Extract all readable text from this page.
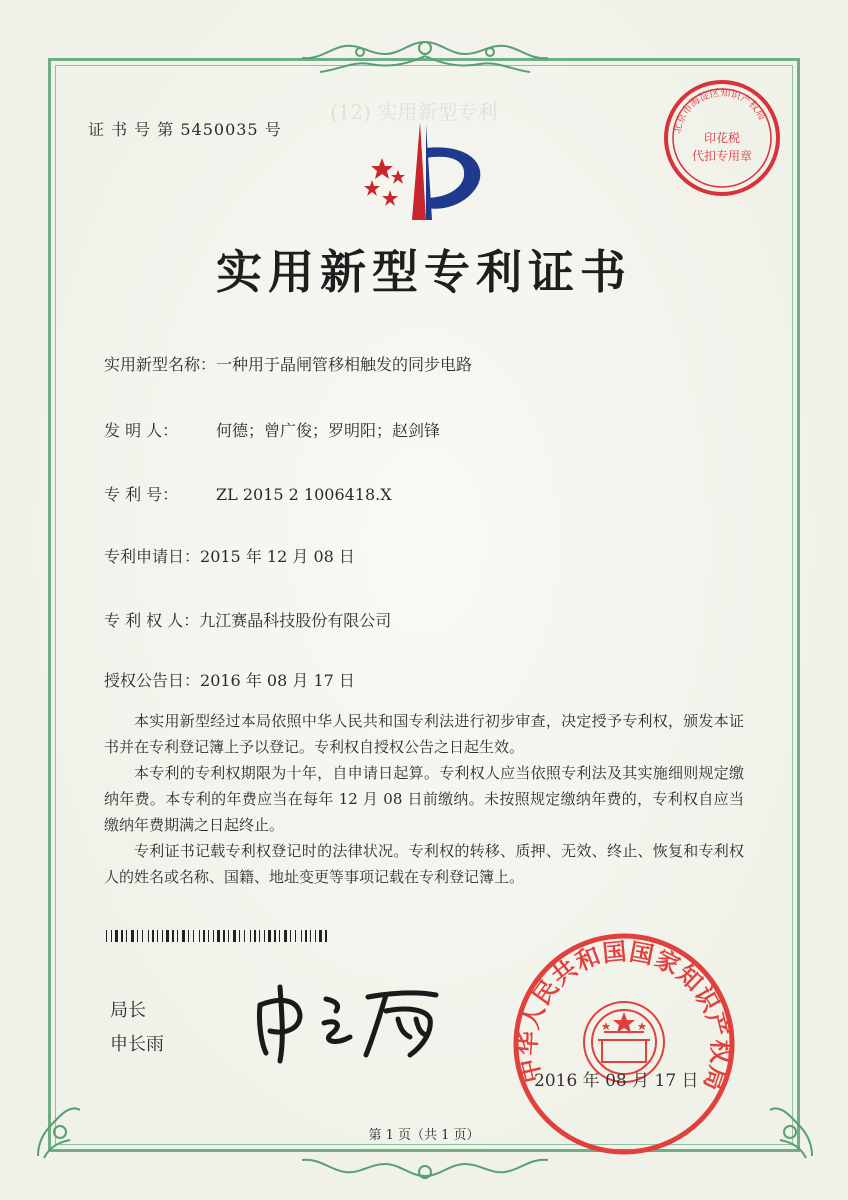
(12) 实用新型专利
证 书 号 第 5450035 号	北京市海淀区知识产权局
印花税
代扣专用章
实用新型专利证书
实用新型名称：一种用于晶闸管移相触发的同步电路
发 明 人： 何德；曾广俊；罗明阳；赵剑锋
专 利 号： ZL 2015 2 1006418.X
专利申请日：2015 年 12 月 08 日
专 利 权 人：九江赛晶科技股份有限公司
授权公告日：2016 年 08 月 17 日

本实用新型经过本局依照中华人民共和国专利法进行初步审查，决定授予专利权，颁发本证书并在专利登记簿上予以登记。专利权自授权公告之日起生效。

本专利的专利权期限为十年，自申请日起算。专利权人应当依照专利法及其实施细则规定缴纳年费。本专利的年费应当在每年 12 月 08 日前缴纳。未按照规定缴纳年费的，专利权自应当缴纳年费期满之日起终止。

专利证书记载专利权登记时的法律状况。专利权的转移、质押、无效、终止、恢复和专利权人的姓名或名称、国籍、地址变更等事项记载在专利登记簿上。

局长
申长雨
中华人民共和国国家知识产权局
2016 年 08 月 17 日
第 1 页（共 1 页）
